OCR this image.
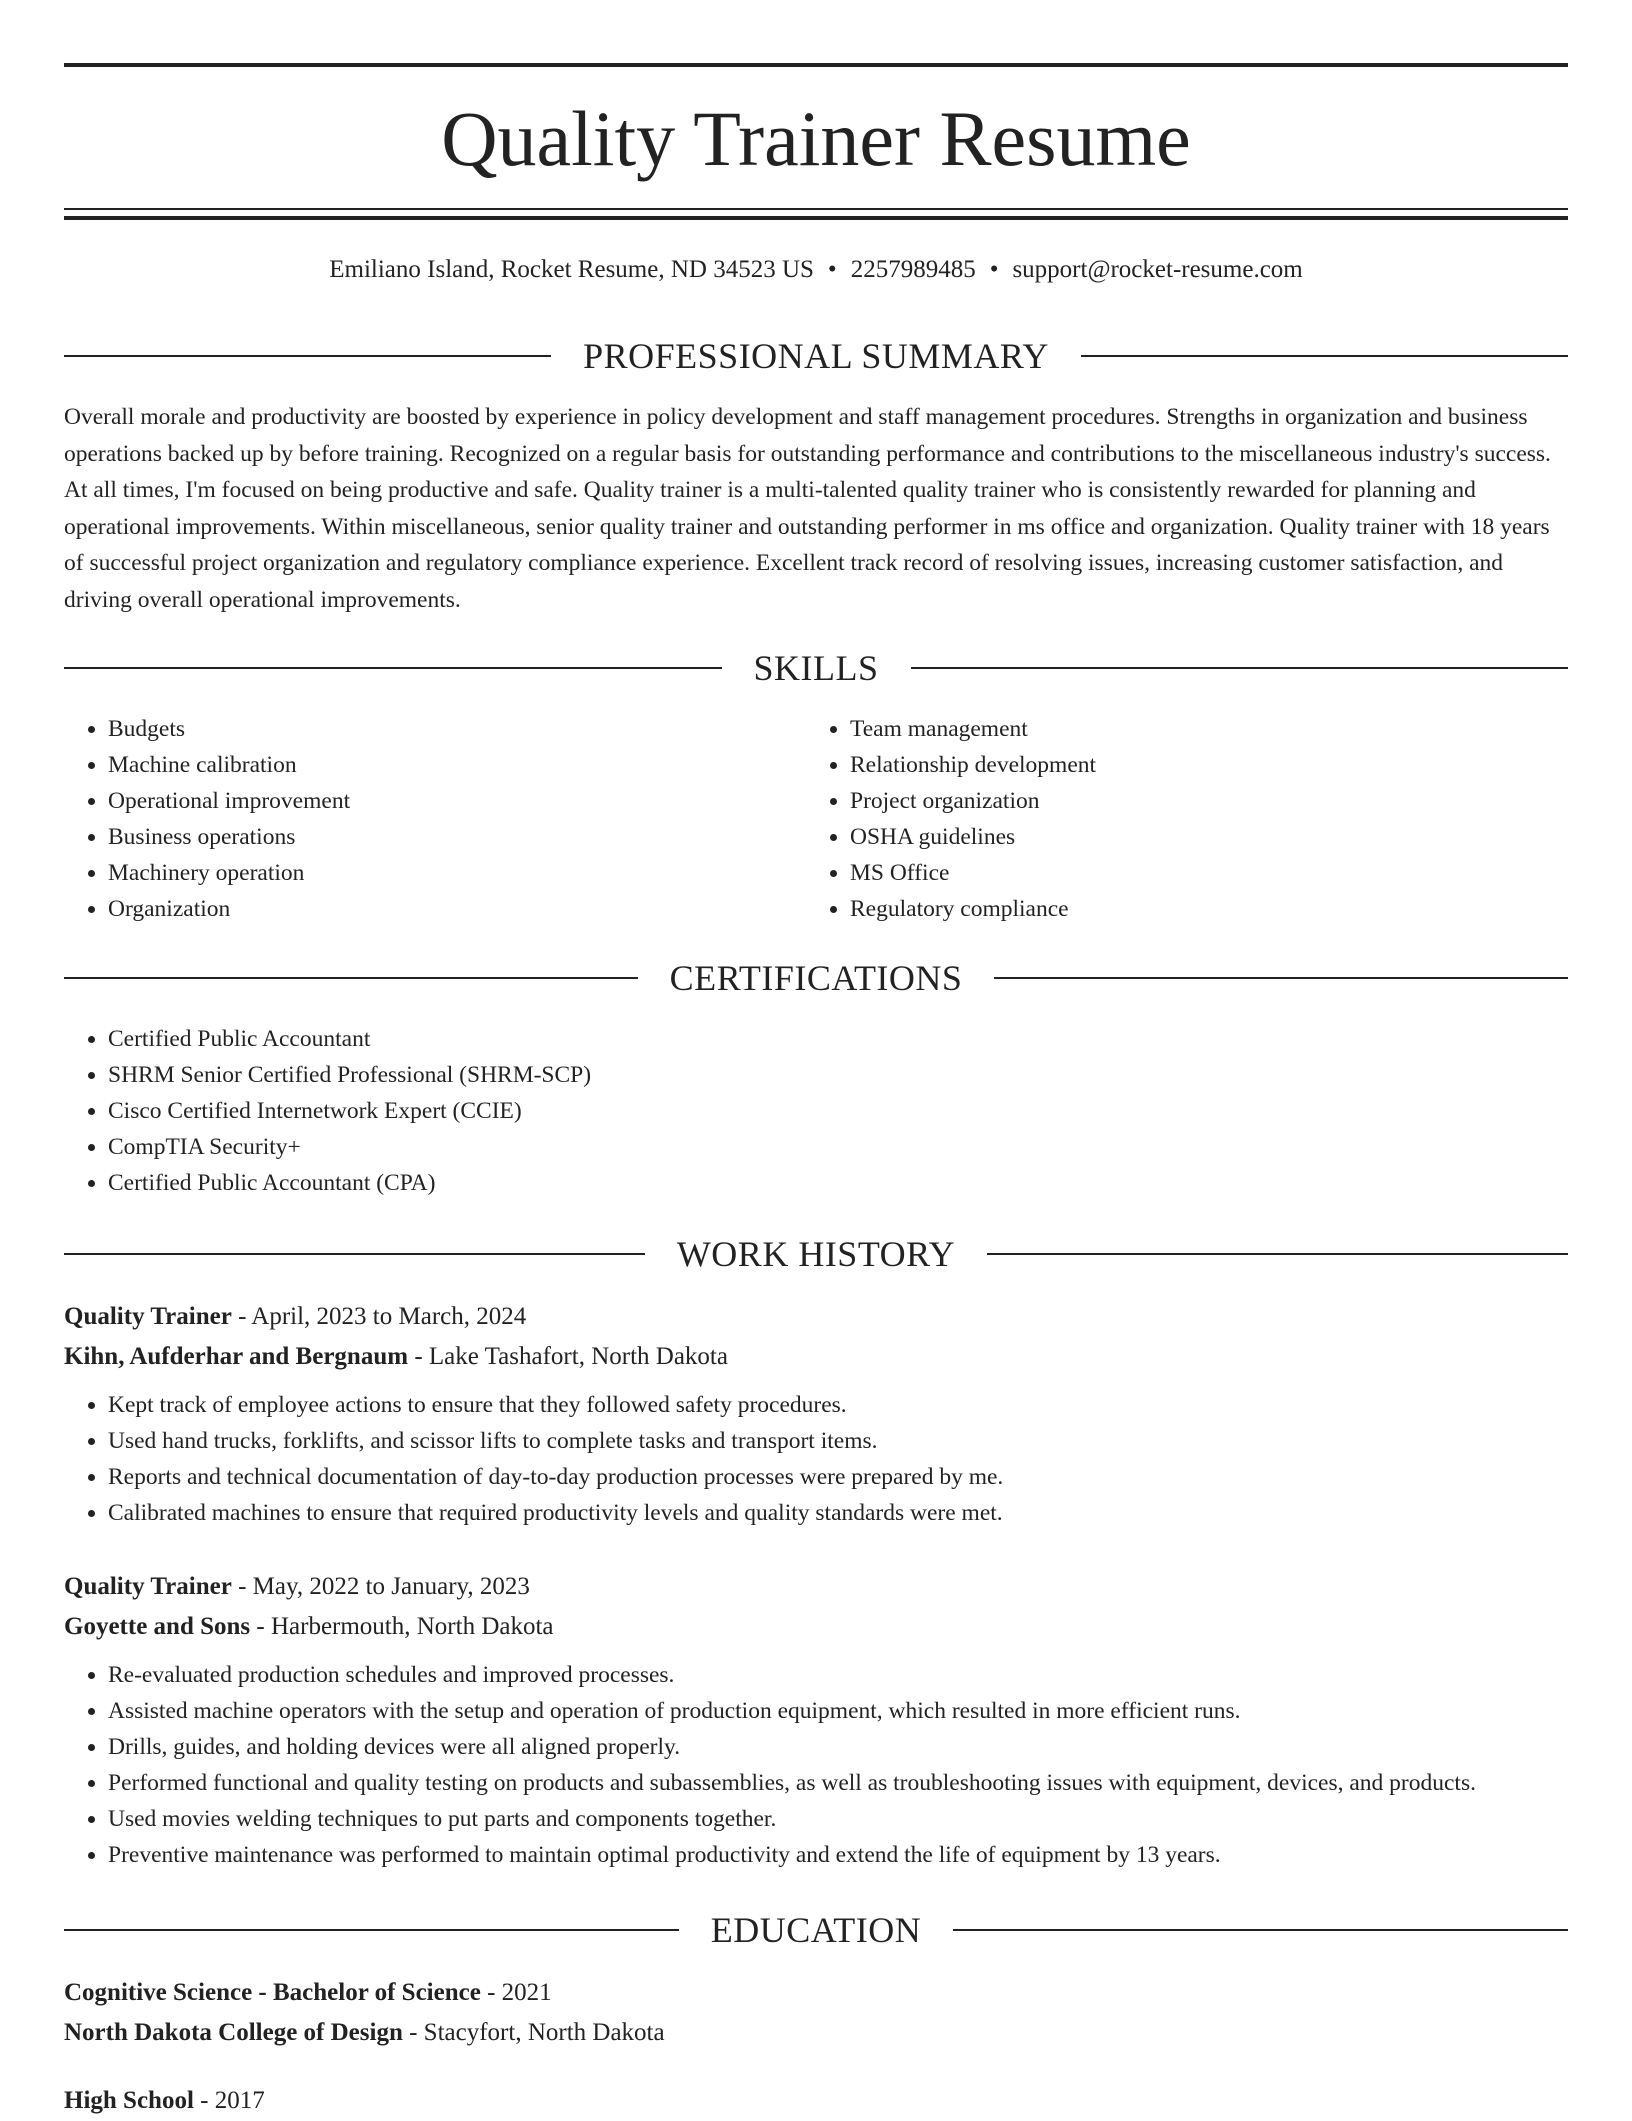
Quality Trainer Resume
Emiliano Island, Rocket Resume, ND 34523 US • 2257989485 • support@rocket-resume.com
PROFESSIONAL SUMMARY

Overall morale and productivity are boosted by experience in policy development and staff management procedures. Strengths in organization and business operations backed up by before training. Recognized on a regular basis for outstanding performance and contributions to the miscellaneous industry's success. At all times, I'm focused on being productive and safe. Quality trainer is a multi-talented quality trainer who is consistently rewarded for planning and operational improvements. Within miscellaneous, senior quality trainer and outstanding performer in ms office and organization. Quality trainer with 18 years of successful project organization and regulatory compliance experience. Excellent track record of resolving issues, increasing customer satisfaction, and driving overall operational improvements.

SKILLS
• Budgets
• Machine calibration
• Operational improvement
• Business operations
• Machinery operation
• Organization
• Team management
• Relationship development
• Project organization
• OSHA guidelines
• MS Office
• Regulatory compliance
CERTIFICATIONS
• Certified Public Accountant
• SHRM Senior Certified Professional (SHRM-SCP)
• Cisco Certified Internetwork Expert (CCIE)
• CompTIA Security+
• Certified Public Accountant (CPA)
WORK HISTORY
Quality Trainer - April, 2023 to March, 2024
Kihn, Aufderhar and Bergnaum - Lake Tashafort, North Dakota
• Kept track of employee actions to ensure that they followed safety procedures.
• Used hand trucks, forklifts, and scissor lifts to complete tasks and transport items.
• Reports and technical documentation of day-to-day production processes were prepared by me.
• Calibrated machines to ensure that required productivity levels and quality standards were met.
Quality Trainer - May, 2022 to January, 2023
Goyette and Sons - Harbermouth, North Dakota
• Re-evaluated production schedules and improved processes.
• Assisted machine operators with the setup and operation of production equipment, which resulted in more efficient runs.
• Drills, guides, and holding devices were all aligned properly.
• Performed functional and quality testing on products and subassemblies, as well as troubleshooting issues with equipment, devices, and products.
• Used movies welding techniques to put parts and components together.
• Preventive maintenance was performed to maintain optimal productivity and extend the life of equipment by 13 years.
EDUCATION
Cognitive Science - Bachelor of Science - 2021
North Dakota College of Design - Stacyfort, North Dakota
High School - 2017
